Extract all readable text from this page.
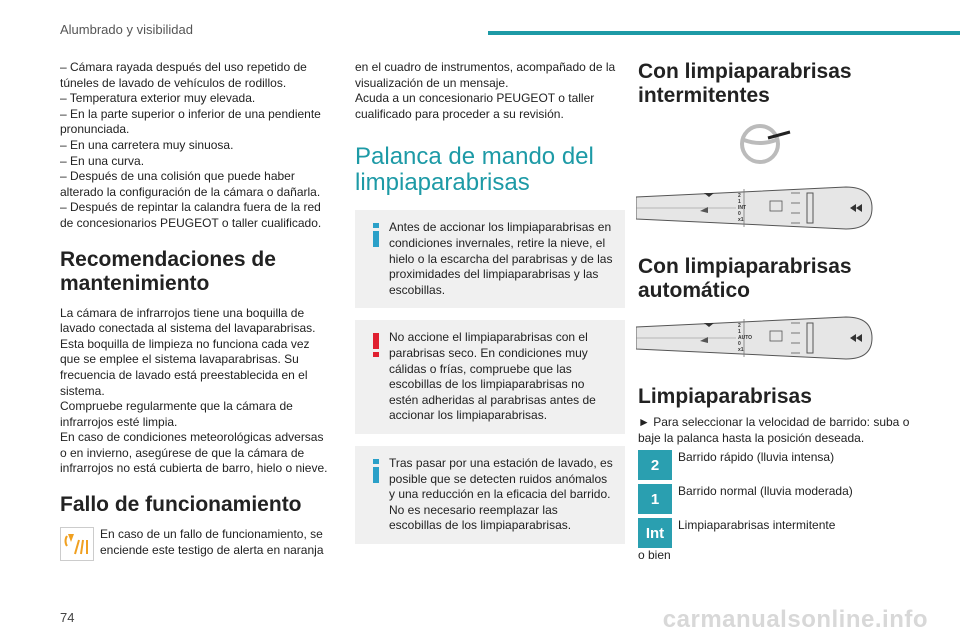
Alumbrado y visibilidad

– Cámara rayada después del uso repetido de túneles de lavado de vehículos de rodillos.
– Temperatura exterior muy elevada.
– En la parte superior o inferior de una pendiente pronunciada.
– En una carretera muy sinuosa.
– En una curva.
– Después de una colisión que puede haber alterado la configuración de la cámara o dañarla.
– Después de repintar la calandra fuera de la red de concesionarios PEUGEOT o taller cualificado.

Recomendaciones de mantenimiento

La cámara de infrarrojos tiene una boquilla de lavado conectada al sistema del lavaparabrisas. Esta boquilla de limpieza no funciona cada vez que se emplee el sistema lavaparabrisas. Su frecuencia de lavado está preestablecida en el sistema.
Compruebe regularmente que la cámara de infrarrojos esté limpia.
En caso de condiciones meteorológicas adversas o en invierno, asegúrese de que la cámara de infrarrojos no está cubierta de barro, hielo o nieve.

Fallo de funcionamiento

En caso de un fallo de funcionamiento, se enciende este testigo de alerta en naranja

en el cuadro de instrumentos, acompañado de la visualización de un mensaje.
Acuda a un concesionario PEUGEOT o taller cualificado para proceder a su revisión.

Palanca de mando del limpiaparabrisas

Antes de accionar los limpiaparabrisas en condiciones invernales, retire la nieve, el hielo o la escarcha del parabrisas y de las proximidades del limpiaparabrisas y las escobillas.

No accione el limpiaparabrisas con el parabrisas seco. En condiciones muy cálidas o frías, compruebe que las escobillas de los limpiaparabrisas no estén adheridas al parabrisas antes de accionar los limpiaparabrisas.

Tras pasar por una estación de lavado, es posible que se detecten ruidos anómalos y una reducción en la eficacia del barrido. No es necesario reemplazar las escobillas de los limpiaparabrisas.

Con limpiaparabrisas intermitentes
2
1
INT
0
x1
Con limpiaparabrisas automático
2
1
AUTO
0
x1
Limpiaparabrisas

► Para seleccionar la velocidad de barrido: suba o baje la palanca hasta la posición deseada.

2	Barrido rápido (lluvia intensa)
1	Barrido normal (lluvia moderada)
Int	Limpiaparabrisas intermitente

o bien

74	carmanualsonline.info
